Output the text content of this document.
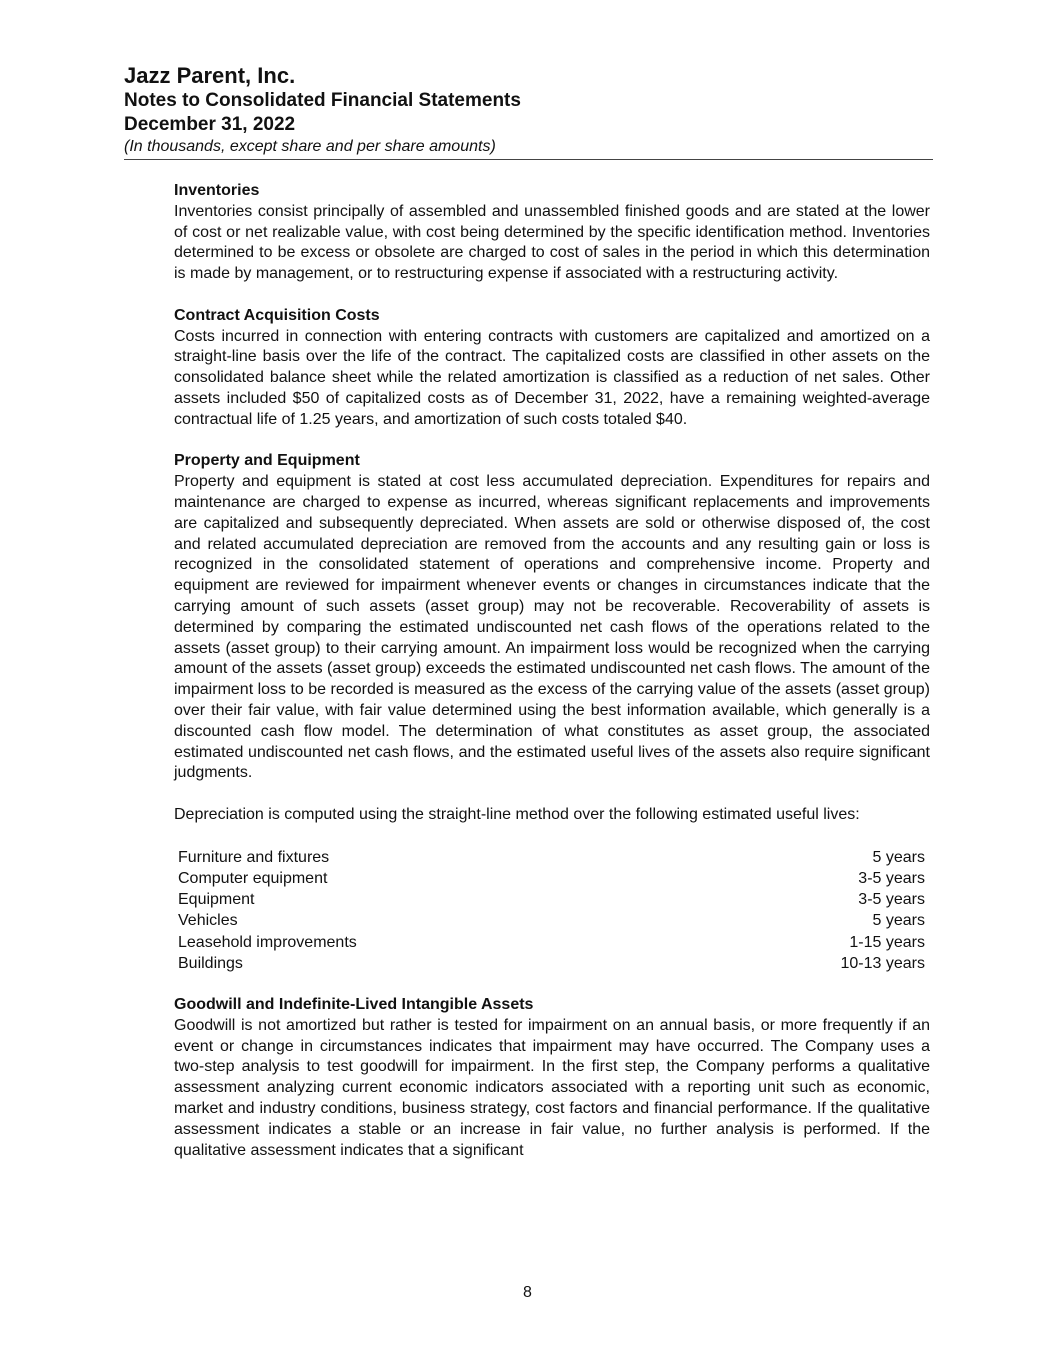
Jazz Parent, Inc.
Notes to Consolidated Financial Statements
December 31, 2022
(In thousands, except share and per share amounts)
Inventories

Inventories consist principally of assembled and unassembled finished goods and are stated at the lower of cost or net realizable value, with cost being determined by the specific identification method. Inventories determined to be excess or obsolete are charged to cost of sales in the period in which this determination is made by management, or to restructuring expense if associated with a restructuring activity.

Contract Acquisition Costs

Costs incurred in connection with entering contracts with customers are capitalized and amortized on a straight-line basis over the life of the contract. The capitalized costs are classified in other assets on the consolidated balance sheet while the related amortization is classified as a reduction of net sales. Other assets included $50 of capitalized costs as of December 31, 2022, have a remaining weighted-average contractual life of 1.25 years, and amortization of such costs totaled $40.

Property and Equipment

Property and equipment is stated at cost less accumulated depreciation. Expenditures for repairs and maintenance are charged to expense as incurred, whereas significant replacements and improvements are capitalized and subsequently depreciated. When assets are sold or otherwise disposed of, the cost and related accumulated depreciation are removed from the accounts and any resulting gain or loss is recognized in the consolidated statement of operations and comprehensive income. Property and equipment are reviewed for impairment whenever events or changes in circumstances indicate that the carrying amount of such assets (asset group) may not be recoverable. Recoverability of assets is determined by comparing the estimated undiscounted net cash flows of the operations related to the assets (asset group) to their carrying amount. An impairment loss would be recognized when the carrying amount of the assets (asset group) exceeds the estimated undiscounted net cash flows. The amount of the impairment loss to be recorded is measured as the excess of the carrying value of the assets (asset group) over their fair value, with fair value determined using the best information available, which generally is a discounted cash flow model. The determination of what constitutes as asset group, the associated estimated undiscounted net cash flows, and the estimated useful lives of the assets also require significant judgments.

Depreciation is computed using the straight-line method over the following estimated useful lives:

Furniture and fixtures	5 years
Computer equipment	3-5 years
Equipment	3-5 years
Vehicles	5 years
Leasehold improvements	1-15 years
Buildings	10-13 years
Goodwill and Indefinite-Lived Intangible Assets

Goodwill is not amortized but rather is tested for impairment on an annual basis, or more frequently if an event or change in circumstances indicates that impairment may have occurred. The Company uses a two-step analysis to test goodwill for impairment. In the first step, the Company performs a qualitative assessment analyzing current economic indicators associated with a reporting unit such as economic, market and industry conditions, business strategy, cost factors and financial performance. If the qualitative assessment indicates a stable or an increase in fair value, no further analysis is performed. If the qualitative assessment indicates that a significant

8
